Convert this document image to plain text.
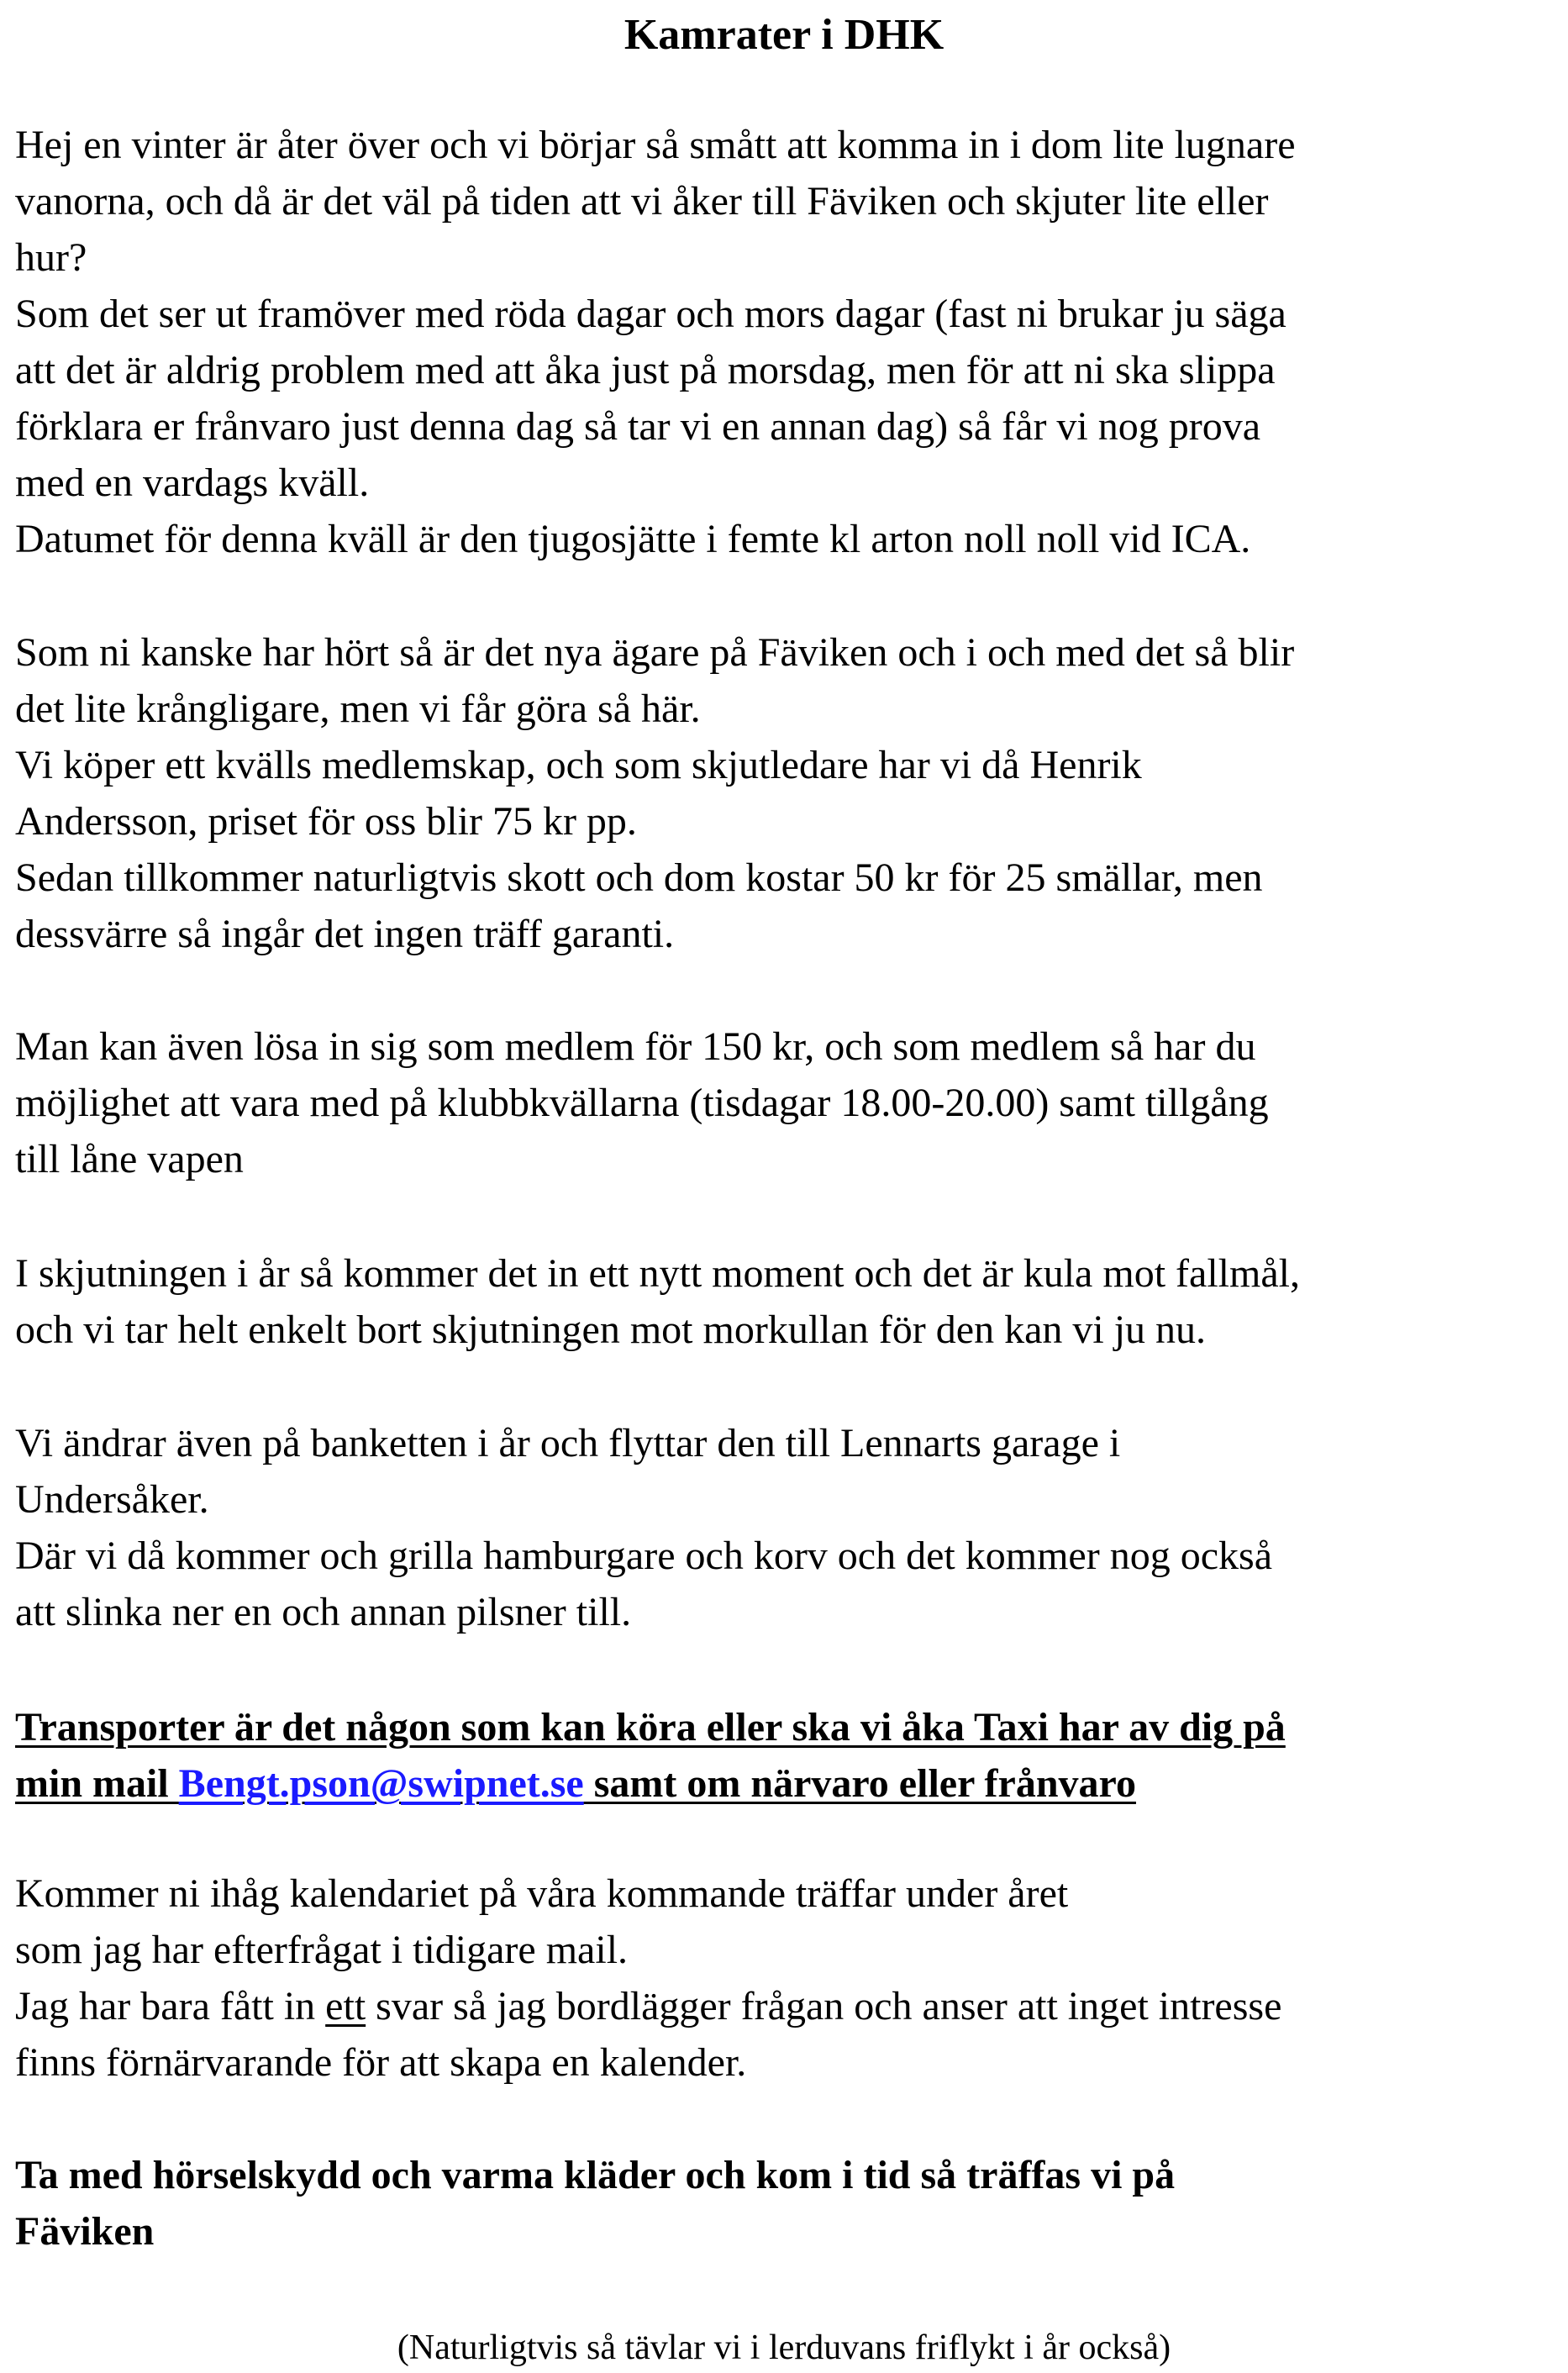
Kamrater i DHK

Hej en vinter är åter över och vi börjar så smått att komma in i dom lite lugnare
vanorna, och då är det väl på tiden att vi åker till Fäviken och skjuter lite eller
hur?
Som det ser ut framöver med röda dagar och mors dagar (fast ni brukar ju säga
att det är aldrig problem med att åka just på morsdag, men för att ni ska slippa
förklara er frånvaro just denna dag så tar vi en annan dag) så får vi nog prova
med en vardags kväll.
Datumet för denna kväll är den tjugosjätte i femte kl arton noll noll vid ICA.

Som ni kanske har hört så är det nya ägare på Fäviken och i och med det så blir
det lite krångligare, men vi får göra så här.
Vi köper ett kvälls medlemskap, och som skjutledare har vi då Henrik
Andersson, priset för oss blir 75 kr pp.
Sedan tillkommer naturligtvis skott och dom kostar 50 kr för 25 smällar, men
dessvärre så ingår det ingen träff garanti.

Man kan även lösa in sig som medlem för 150 kr, och som medlem så har du
möjlighet att vara med på klubbkvällarna (tisdagar 18.00-20.00) samt tillgång
till låne vapen

I skjutningen i år så kommer det in ett nytt moment och det är kula mot fallmål,
och vi tar helt enkelt bort skjutningen mot morkullan för den kan vi ju nu.

Vi ändrar även på banketten i år och flyttar den till Lennarts garage i
Undersåker.
Där vi då kommer och grilla hamburgare och korv och det kommer nog också
att slinka ner en och annan pilsner till.

Transporter är det någon som kan köra eller ska vi åka Taxi har av dig på
min mail Bengt.pson@swipnet.se samt om närvaro eller frånvaro

Kommer ni ihåg kalendariet på våra kommande träffar under året
som jag har efterfrågat i tidigare mail.
Jag har bara fått in ett svar så jag bordlägger frågan och anser att inget intresse
finns förnärvarande för att skapa en kalender.

Ta med hörselskydd och varma kläder och kom i tid så träffas vi på
Fäviken

(Naturligtvis så tävlar vi i lerduvans friflykt i år också)
